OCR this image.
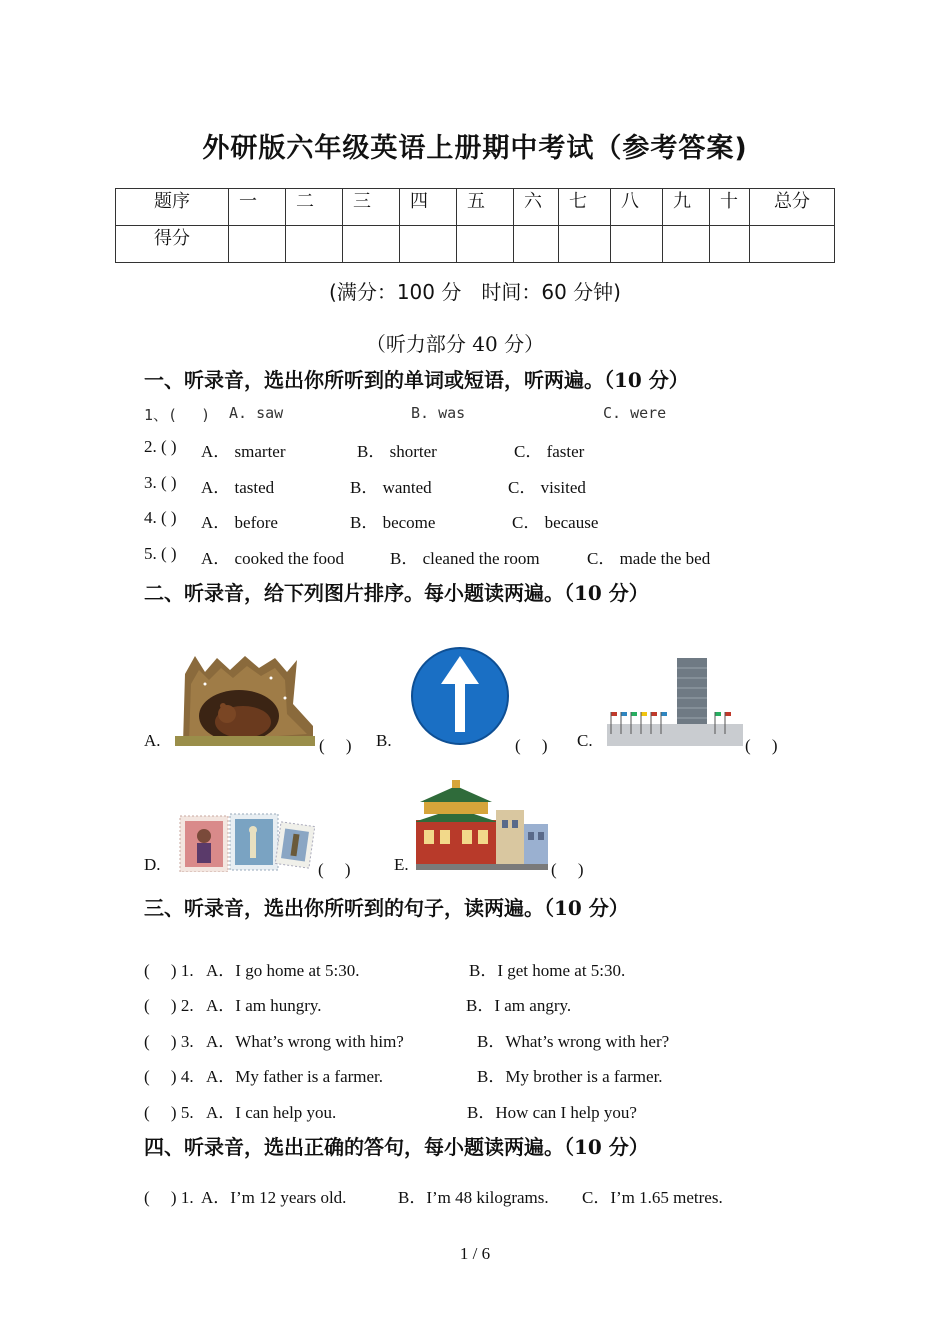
外研版六年级英语上册期中考试（参考答案)
题序	一	二	三	四	五	六	七	八	九	十	总分
得分											
(满分：100 分　时间：60 分钟)
（听力部分 40 分）
一、听录音，选出你所听到的单词或短语，听两遍。（10 分）
1、(　 ) A. saw	B. was	C. were
2. ( ) A． smarter	B． shorter	C． faster
3. ( ) A． tasted	B． wanted	C． visited
4. ( ) A． before	B． become	C． because
5. ( ) A． cooked the food	B． cleaned the room	C． made the bed
二、听录音，给下列图片排序。每小题读两遍。（10 分）
A.	(　 ) B.	(　 ) C.	(　 )
D.	(　 )	E.	(　 )
三、听录音，选出你所听到的句子，读两遍。（10 分）
(　 ) 1. A．I go home at 5:30.	B．I get home at 5:30.
(　 ) 2. A．I am hungry.	B．I am angry.
(　 ) 3. A．What’s wrong with him?	B．What’s wrong with her?
(　 ) 4. A．My father is a farmer.	B．My brother is a farmer.
(　 ) 5. A．I can help you.	B．How can I help you?
四、听录音，选出正确的答句，每小题读两遍。（10 分）
(　 ) 1. A．I’m 12 years old.	B．I’m 48 kilograms. C．I’m 1.65 metres.
1 / 6
